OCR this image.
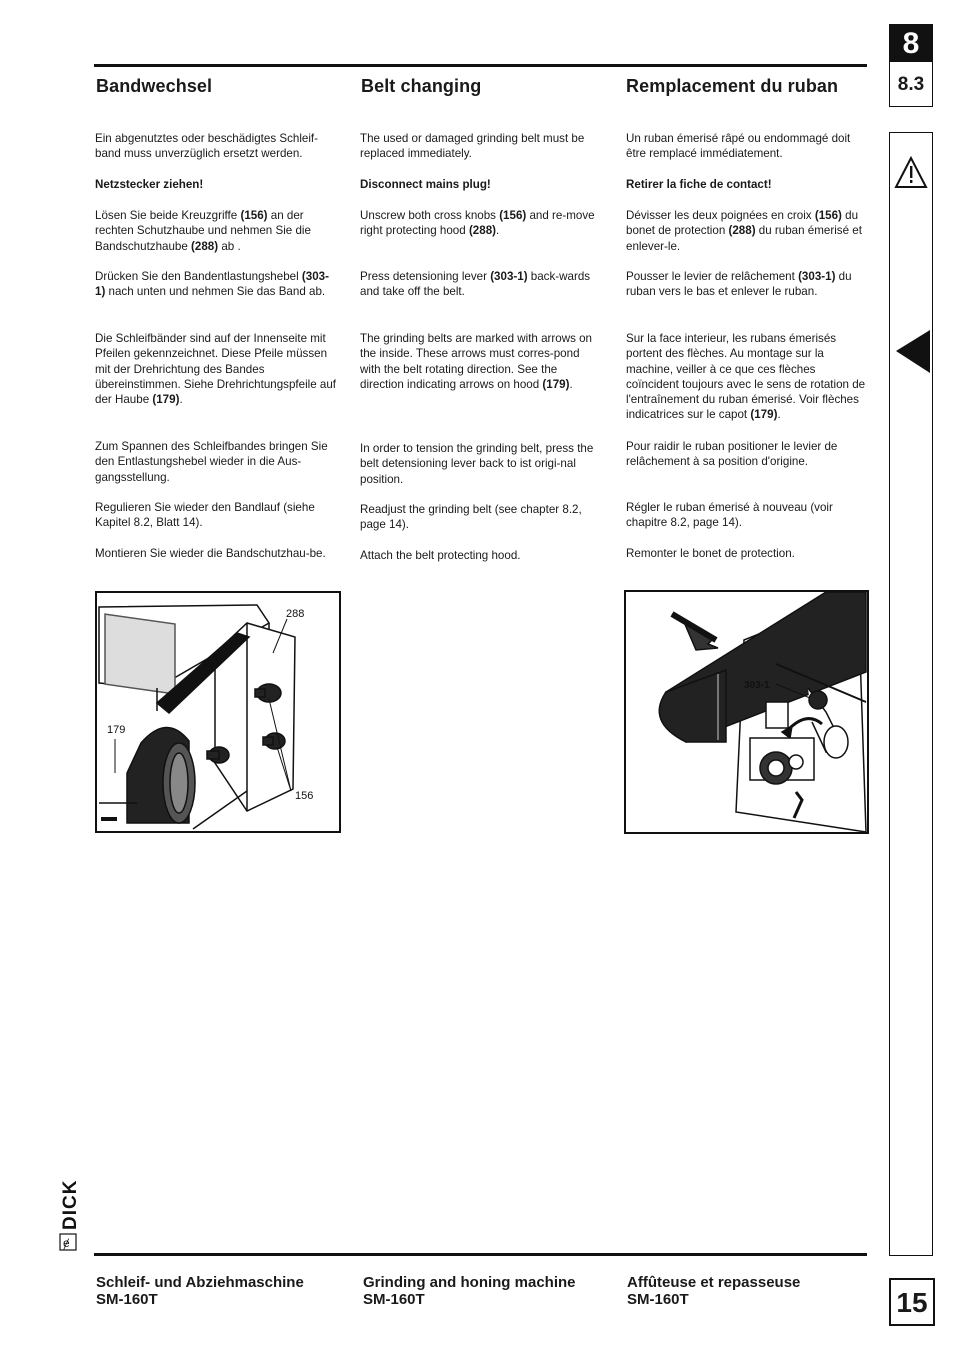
8
8.3
15
Bandwechsel	Belt changing	Remplacement du ruban

Ein abgenutztes oder beschädigtes Schleif-band muss unverzüglich ersetzt werden.

Netzstecker ziehen!
Lösen Sie beide Kreuzgriffe (156) an der rechten Schutzhaube und nehmen Sie die Bandschutzhaube (288) ab .
Drücken Sie den Bandentlastungshebel (303-1) nach unten und nehmen Sie das Band ab.
Die Schleifbänder sind auf der Innenseite mit Pfeilen gekennzeichnet. Diese Pfeile müssen mit der Drehrichtung des Bandes übereinstimmen. Siehe Drehrichtungspfeile auf der Haube (179).
Zum Spannen des Schleifbandes bringen Sie den Entlastungshebel wieder in die Aus-gangsstellung.
Regulieren Sie wieder den Bandlauf (siehe Kapitel 8.2, Blatt 14).
Montieren Sie wieder die Bandschutzhau-be.
The used or damaged grinding belt must be replaced immediately.
Disconnect mains plug!
Unscrew both cross knobs (156) and re-move right protecting hood (288).
Press detensioning lever (303-1) back-wards and take off the belt.
The grinding belts are marked with arrows on the inside. These arrows must corres-pond with the belt rotating direction. See the direction indicating arrows on hood (179).
In order to tension the grinding belt, press the belt detensioning lever back to ist origi-nal position.
Readjust the grinding belt (see chapter 8.2, page 14).
Attach the belt protecting hood.
Un ruban émerisé râpé ou endommagé doit être remplacé immédiatement.
Retirer la fiche de contact!
Dévisser les deux poignées en croix (156) du bonet de protection (288) du ruban émerisé et enlever-le.
Pousser le levier de relâchement (303-1) du ruban vers le bas et enlever le ruban.
Sur la face interieur, les rubans émerisés portent des flèches. Au montage sur la machine, veiller à ce que ces flèches coïncident toujours avec le sens de rotation de l'entraînement du ruban émerisé. Voir flèches indicatrices sur le capot (179).
Pour raidir le ruban positioner le levier de relâchement à sa position d'origine.
Régler le ruban émerisé à nouveau (voir chapitre 8.2, page 14).
Remonter le bonet de protection.
288
179
156
303-1
DICK
ɇ
Schleif- und Abziehmaschine
SM-160T
Grinding and honing machine
SM-160T
Affûteuse et repasseuse
SM-160T
